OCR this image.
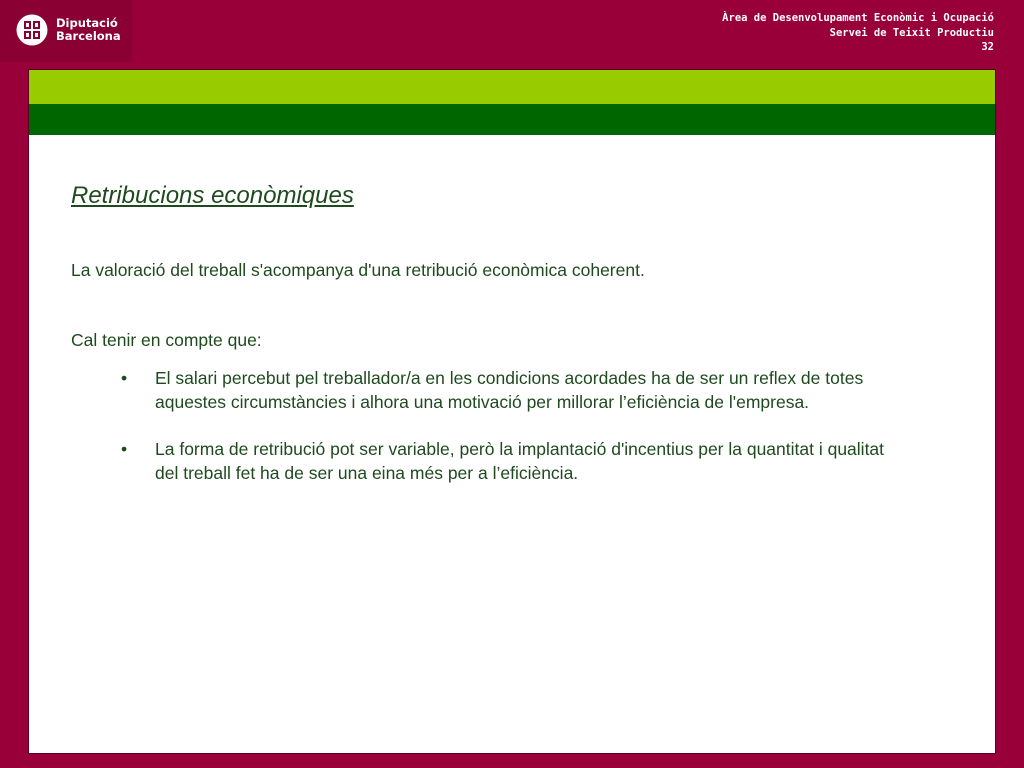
Diputació
Barcelona
Àrea de Desenvolupament Econòmic i Ocupació
Servei de Teixit Productiu
32
Retribucions econòmiques

La valoració del treball s'acompanya d'una retribució econòmica coherent.

Cal tenir en compte que:

• El salari percebut pel treballador/a en les condicions acordades ha de ser un reflex de totes aquestes circumstàncies i alhora una motivació per millorar l’eficiència de l'empresa.
• La forma de retribució pot ser variable, però la implantació d'incentius per la quantitat i qualitat del treball fet ha de ser una eina més per a l’eficiència.
